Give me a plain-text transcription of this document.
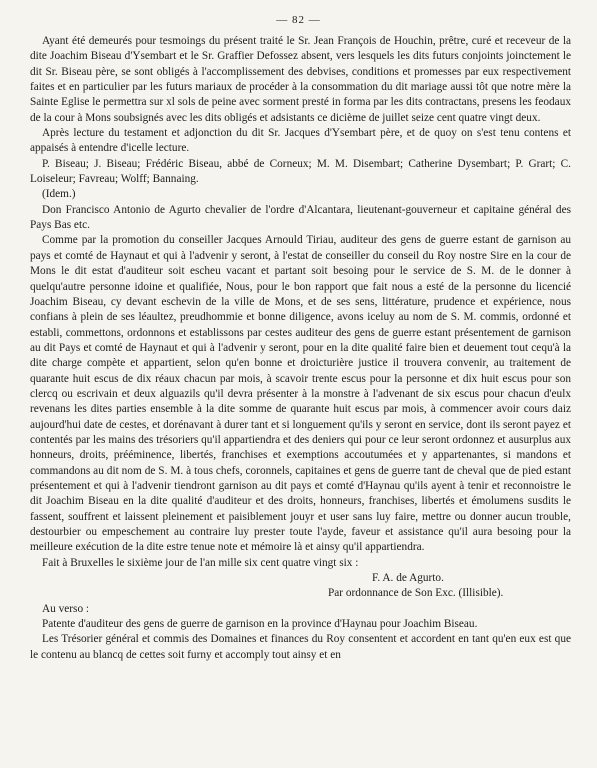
— 82 —

Ayant été demeurés pour tesmoings du présent traité le Sr. Jean François de Houchin, prêtre, curé et receveur de la dite Joachim Biseau d'Ysembart et le Sr. Graffier Defossez absent, vers lesquels les dits futurs conjoints joinctement le dit Sr. Biseau père, se sont obligés à l'accomplissement des debvises, conditions et promesses par eux respectivement faites et en particulier par les futurs mariaux de procéder à la consommation du dit mariage aussi tôt que notre mère la Sainte Eglise le permettra sur xl sols de peine avec sorment presté in forma par les dits contractans, presens les feodaux de la cour à Mons soubsignés avec les dits obligés et adsistants ce dicième de juillet seize cent quatre vingt deux.

Après lecture du testament et adjonction du dit Sr. Jacques d'Ysembart père, et de quoy on s'est tenu contens et appaisés à entendre d'icelle lecture.

P. Biseau; J. Biseau; Frédéric Biseau, abbé de Corneux; M. M. Disembart; Catherine Dysembart; P. Grart; C. Loiseleur; Favreau; Wolff; Bannaing.

(Idem.)

Don Francisco Antonio de Agurto chevalier de l'ordre d'Alcantara, lieutenant-gouverneur et capitaine général des Pays Bas etc.

Comme par la promotion du conseiller Jacques Arnould Tiriau, auditeur des gens de guerre estant de garnison au pays et comté de Haynaut et qui à l'advenir y seront, à l'estat de conseiller du conseil du Roy nostre Sire en la cour de Mons le dit estat d'auditeur soit escheu vacant et partant soit besoing pour le service de S. M. de le donner à quelqu'autre personne idoine et qualifiée, Nous, pour le bon rapport que fait nous a esté de la personne du licencié Joachim Biseau, cy devant eschevin de la ville de Mons, et de ses sens, littérature, prudence et expérience, nous confians à plein de ses léaultez, preudhommie et bonne diligence, avons iceluy au nom de S. M. commis, ordonné et establi, commettons, ordonnons et establissons par cestes auditeur des gens de guerre estant présentement de garnison au dit Pays et comté de Haynaut et qui à l'advenir y seront, pour en la dite qualité faire bien et deuement tout cequ'à la dite charge compète et appartient, selon qu'en bonne et droicturière justice il trouvera convenir, au traitement de quarante huit escus de dix réaux chacun par mois, à scavoir trente escus pour la personne et dix huit escus pour son clercq ou escrivain et deux alguazils qu'il devra présenter à la monstre à l'advenant de six escus pour chacun d'eulx revenans les dites parties ensemble à la dite somme de quarante huit escus par mois, à commencer avoir cours daiz aujourd'hui date de cestes, et dorénavant à durer tant et si longuement qu'ils y seront en service, dont ils seront payez et contentés par les mains des trésoriers qu'il appartiendra et des deniers qui pour ce leur seront ordonnez et ausurplus aux honneurs, droits, prééminence, libertés, franchises et exemptions accoutumées et y appartenantes, si mandons et commandons au dit nom de S. M. à tous chefs, coronnels, capitaines et gens de guerre tant de cheval que de pied estant présentement et qui à l'advenir tiendront garnison au dit pays et comté d'Haynau qu'ils ayent à tenir et reconnoistre le dit Joachim Biseau en la dite qualité d'auditeur et des droits, honneurs, franchises, libertés et émolumens susdits le fassent, souffrent et laissent pleinement et paisiblement jouyr et user sans luy faire, mettre ou donner aucun trouble, destourbier ou empeschement au contraire luy prester toute l'ayde, faveur et assistance qu'il aura besoing pour la meilleure exécution de la dite estre tenue note et mémoire là et ainsy qu'il appartiendra.

Fait à Bruxelles le sixième jour de l'an mille six cent quatre vingt six :

F. A. de Agurto.

Par ordonnance de Son Exc. (Illisible).

Au verso :

Patente d'auditeur des gens de guerre de garnison en la province d'Haynau pour Joachim Biseau.

Les Trésorier général et commis des Domaines et finances du Roy consentent et accordent en tant qu'en eux est que le contenu au blancq de cettes soit furny et accomply tout ainsy et en
